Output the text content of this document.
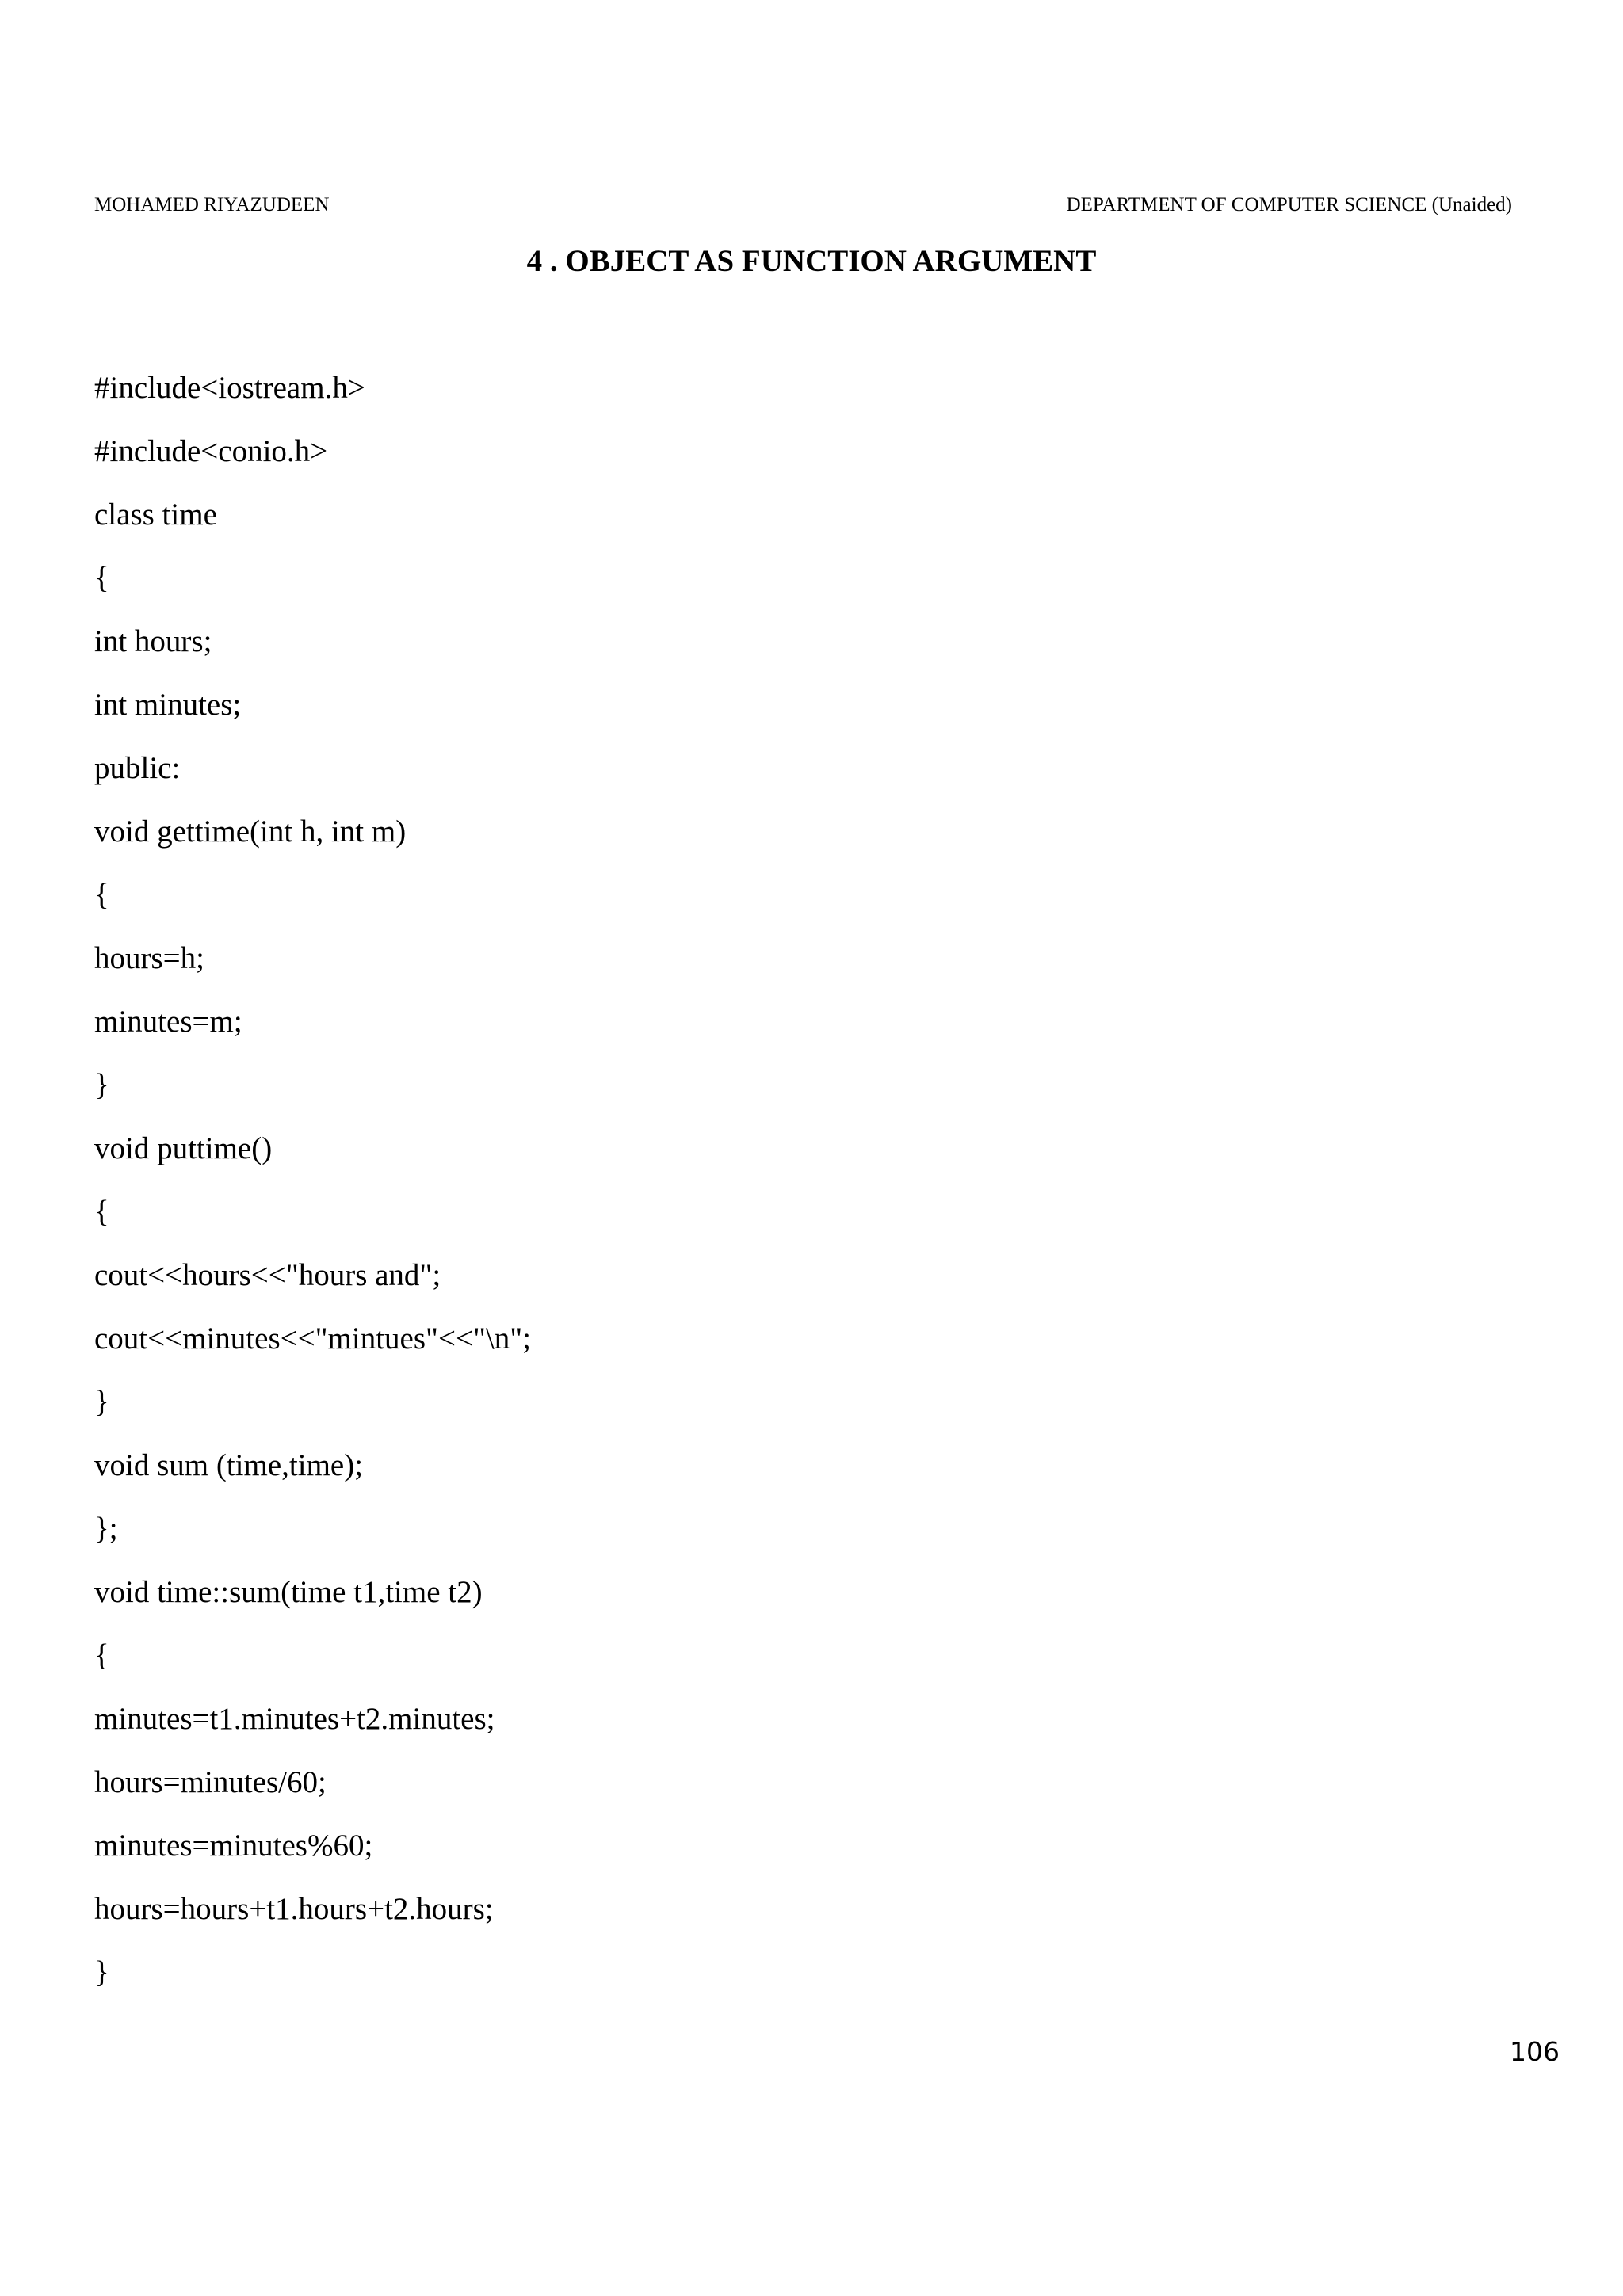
MOHAMED RIYAZUDEEN	DEPARTMENT OF COMPUTER SCIENCE (Unaided)
4 . OBJECT AS FUNCTION ARGUMENT
#include<iostream.h>
#include<conio.h>
class time
{
int hours;
int minutes;
public:
void gettime(int h, int m)
{
hours=h;
minutes=m;
}
void puttime()
{
cout<<hours<<"hours and";
cout<<minutes<<"mintues"<<"\n";
}
void sum (time,time);
};
void time::sum(time t1,time t2)
{
minutes=t1.minutes+t2.minutes;
hours=minutes/60;
minutes=minutes%60;
hours=hours+t1.hours+t2.hours;
}
106
